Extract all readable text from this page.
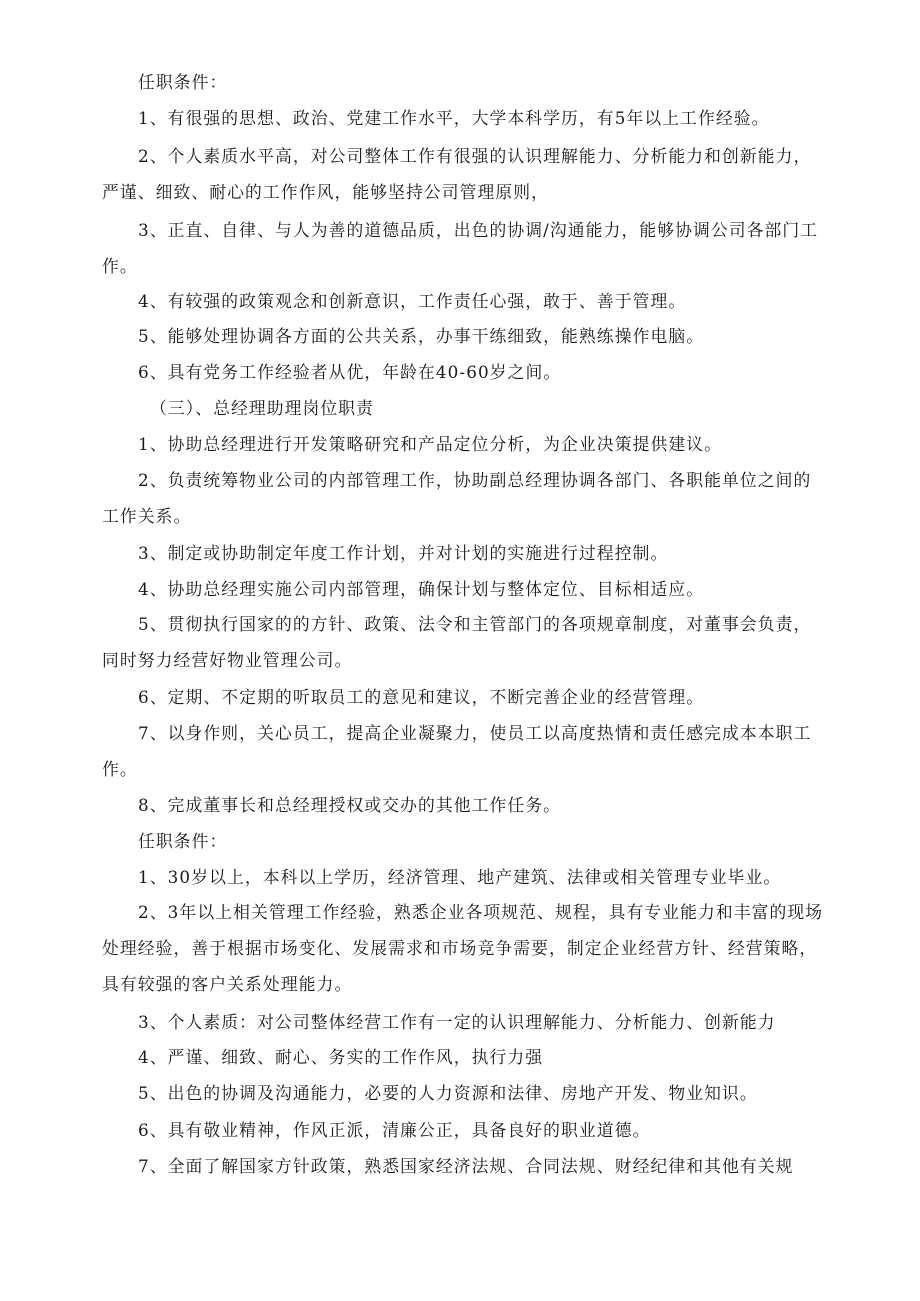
任职条件：

1、有很强的思想、政治、党建工作水平，大学本科学历，有5年以上工作经验。

2、个人素质水平高，对公司整体工作有很强的认识理解能力、分析能力和创新能力，严谨、细致、耐心的工作作风，能够坚持公司管理原则，

3、正直、自律、与人为善的道德品质，出色的协调/沟通能力，能够协调公司各部门工作。

4、有较强的政策观念和创新意识，工作责任心强，敢于、善于管理。

5、能够处理协调各方面的公共关系，办事干练细致，能熟练操作电脑。

6、具有党务工作经验者从优，年龄在40-60岁之间。

（三）、总经理助理岗位职责

1、协助总经理进行开发策略研究和产品定位分析，为企业决策提供建议。

2、负责统筹物业公司的内部管理工作，协助副总经理协调各部门、各职能单位之间的工作关系。

3、制定或协助制定年度工作计划，并对计划的实施进行过程控制。

4、协助总经理实施公司内部管理，确保计划与整体定位、目标相适应。

5、贯彻执行国家的的方针、政策、法令和主管部门的各项规章制度，对董事会负责，同时努力经营好物业管理公司。

6、定期、不定期的听取员工的意见和建议，不断完善企业的经营管理。

7、以身作则，关心员工，提高企业凝聚力，使员工以高度热情和责任感完成本本职工作。

8、完成董事长和总经理授权或交办的其他工作任务。

任职条件：

1、30岁以上，本科以上学历，经济管理、地产建筑、法律或相关管理专业毕业。

2、3年以上相关管理工作经验，熟悉企业各项规范、规程，具有专业能力和丰富的现场处理经验，善于根据市场变化、发展需求和市场竞争需要，制定企业经营方针、经营策略，具有较强的客户关系处理能力。

3、个人素质：对公司整体经营工作有一定的认识理解能力、分析能力、创新能力

4、严谨、细致、耐心、务实的工作作风，执行力强

5、出色的协调及沟通能力，必要的人力资源和法律、房地产开发、物业知识。

6、具有敬业精神，作风正派，清廉公正，具备良好的职业道德。

7、全面了解国家方针政策，熟悉国家经济法规、合同法规、财经纪律和其他有关规
